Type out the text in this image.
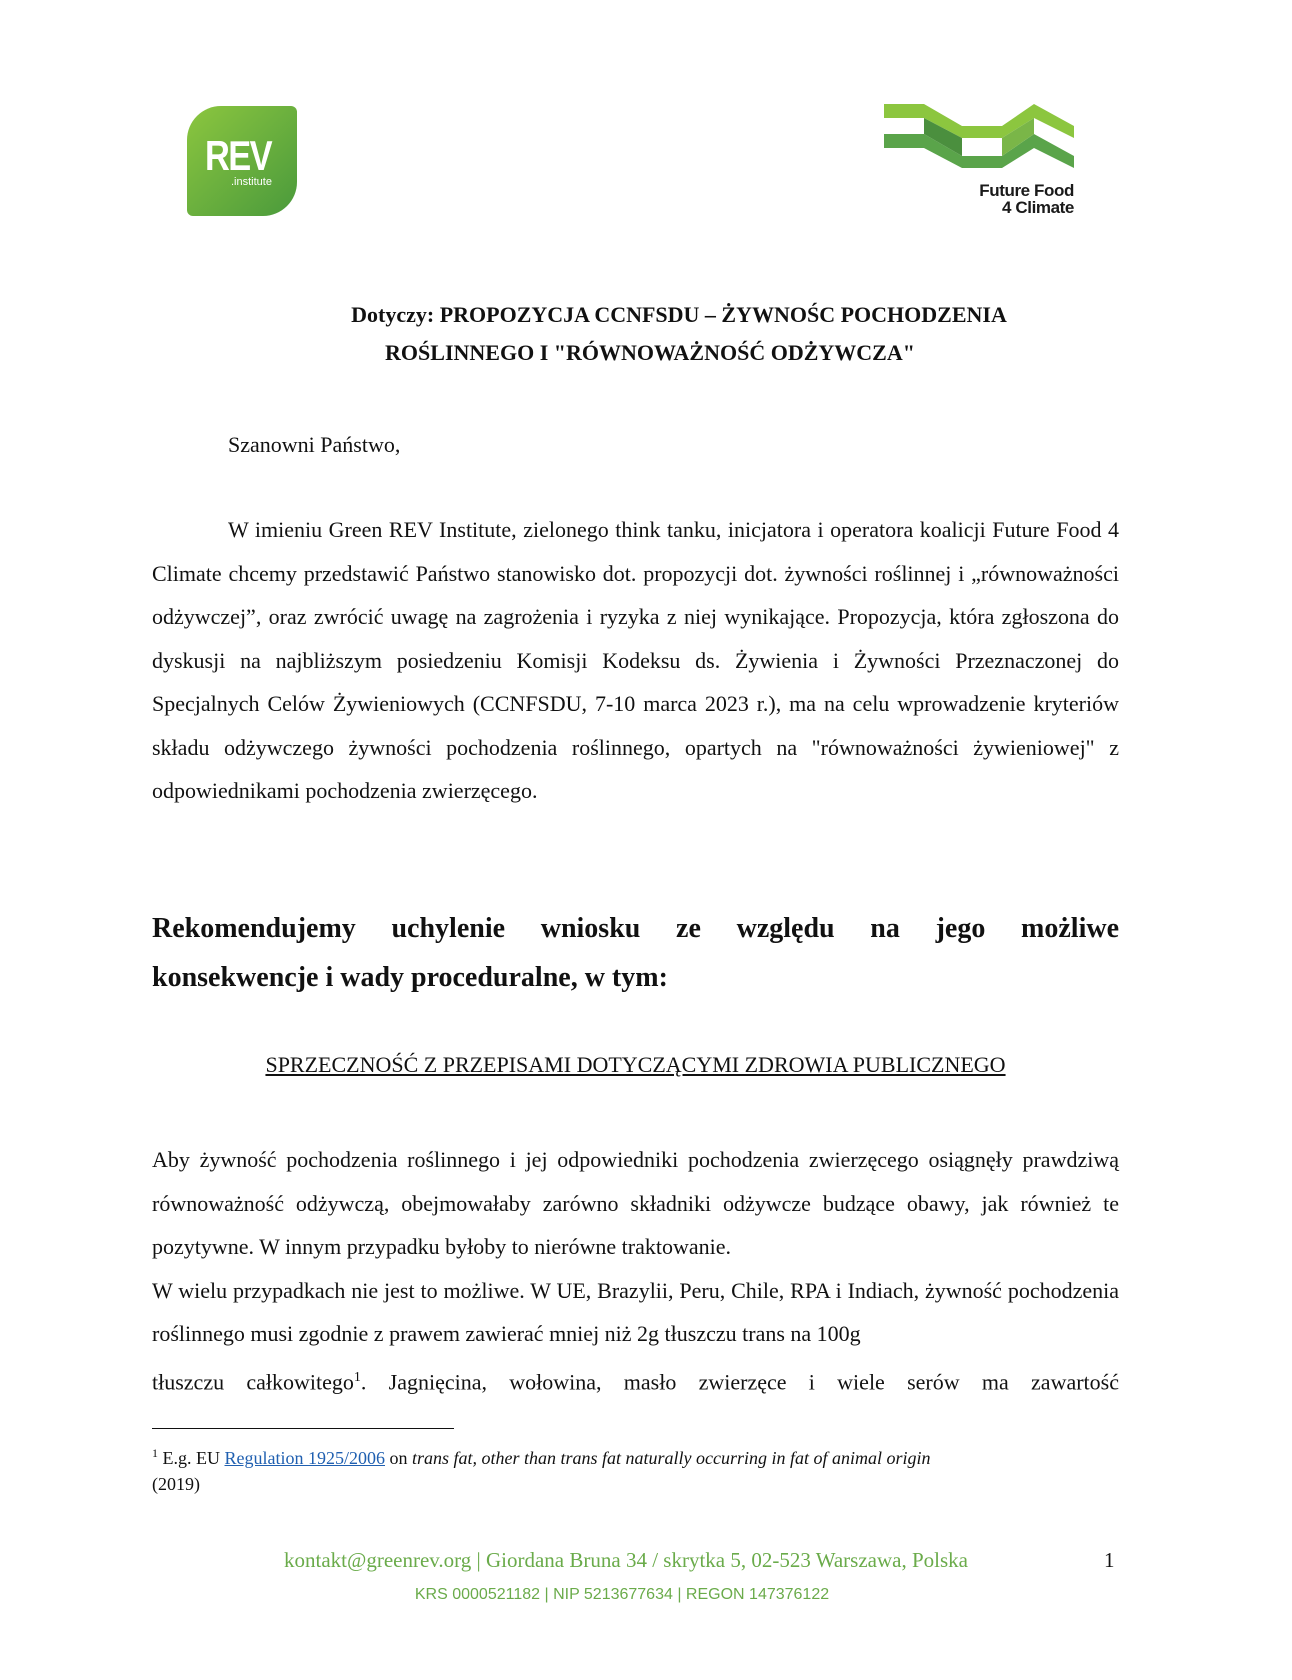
REV
.institute	Future Food
4 Climate
Dotyczy: PROPOZYCJA CCNFSDU – ŻYWNOŚC POCHODZENIA
ROŚLINNEGO I "RÓWNOWAŻNOŚĆ ODŻYWCZA"
Szanowni Państwo,
W imieniu Green REV Institute, zielonego think tanku, inicjatora i operatora koalicji Future Food 4 Climate chcemy przedstawić Państwo stanowisko dot. propozycji dot. żywności roślinnej i „równoważności odżywczej”, oraz zwrócić uwagę na zagrożenia i ryzyka z niej wynikające. Propozycja, która zgłoszona do dyskusji na najbliższym posiedzeniu Komisji Kodeksu ds. Żywienia i Żywności Przeznaczonej do Specjalnych Celów Żywieniowych (CCNFSDU, 7-10 marca 2023 r.), ma na celu wprowadzenie kryteriów składu odżywczego żywności pochodzenia roślinnego, opartych na "równoważności żywieniowej" z odpowiednikami pochodzenia zwierzęcego.
Rekomendujemy uchylenie wniosku ze względu na jego możliwe
konsekwencje i wady proceduralne, w tym:
SPRZECZNOŚĆ Z PRZEPISAMI DOTYCZĄCYMI ZDROWIA PUBLICZNEGO
Aby żywność pochodzenia roślinnego i jej odpowiedniki pochodzenia zwierzęcego osiągnęły prawdziwą równoważność odżywczą, obejmowałaby zarówno składniki odżywcze budzące obawy, jak również te pozytywne. W innym przypadku byłoby to nierówne traktowanie.
W wielu przypadkach nie jest to możliwe. W UE, Brazylii, Peru, Chile, RPA i Indiach, żywność pochodzenia roślinnego musi zgodnie z prawem zawierać mniej niż 2g tłuszczu trans na 100g
tłuszczu całkowitego$^1$. Jagnięcina, wołowina, masło zwierzęce i wiele serów ma zawartość
$^1$ E.g. EU Regulation 1925/2006 on trans fat, other than trans fat naturally occurring in fat of animal origin
(2019)
kontakt@greenrev.org | Giordana Bruna 34 / skrytka 5, 02-523 Warszawa, Polska	1
KRS 0000521182 | NIP 5213677634 | REGON 147376122
